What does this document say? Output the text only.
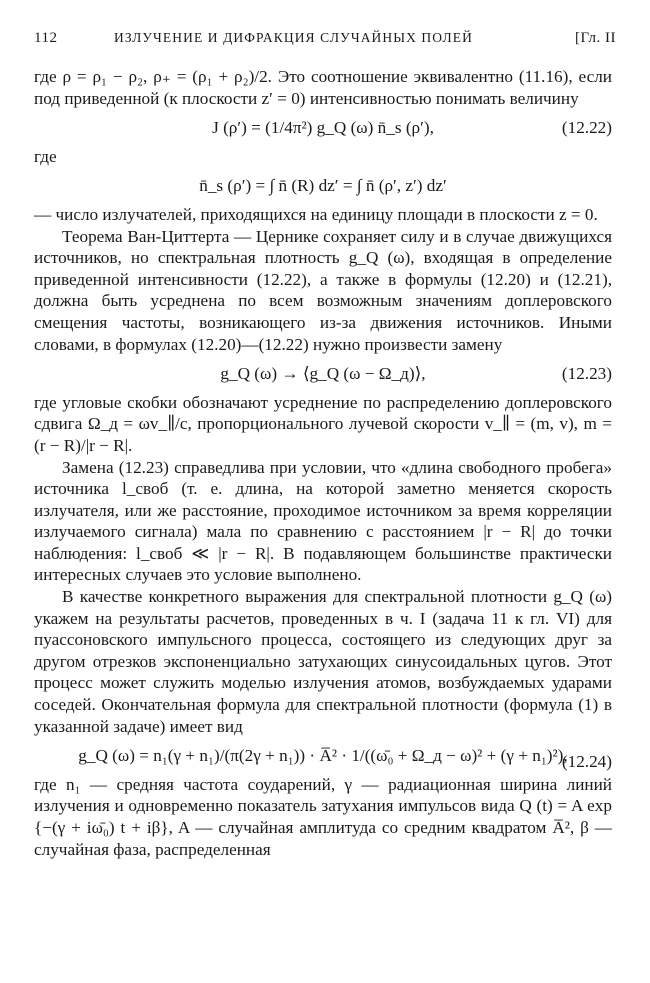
112	ИЗЛУЧЕНИЕ И ДИФРАКЦИЯ СЛУЧАЙНЫХ ПОЛЕЙ	[Гл. II

где ρ = ρ₁ − ρ₂, ρ₊ = (ρ₁ + ρ₂)/2. Это соотношение эквивалентно (11.16), если под приведенной (к плоскости z′ = 0) интенсивностью понимать величину

J (ρ′) = (1/4π²) g_Q (ω) n̄_s (ρ′),	(12.22)

где

n̄_s (ρ′) = ∫ n̄ (R) dz′ = ∫ n̄ (ρ′, z′) dz′

— число излучателей, приходящихся на единицу площади в плоскости z = 0.

Теорема Ван-Циттерта — Цернике сохраняет силу и в случае движущихся источников, но спектральная плотность g_Q (ω), входящая в определение приведенной интенсивности (12.22), а также в формулы (12.20) и (12.21), должна быть усреднена по всем возможным значениям доплеровского смещения частоты, возникающего из-за движения источников. Иными словами, в формулах (12.20)—(12.22) нужно произвести замену

g_Q (ω) → ⟨g_Q (ω − Ω_д)⟩,	(12.23)

где угловые скобки обозначают усреднение по распределению доплеровского сдвига Ω_д = ωv_∥/c, пропорционального лучевой скорости v_∥ = (m, v), m = (r − R)/|r − R|.

Замена (12.23) справедлива при условии, что «длина свободного пробега» источника l_своб (т. е. длина, на которой заметно меняется скорость излучателя, или же расстояние, проходимое источником за время корреляции излучаемого сигнала) мала по сравнению с расстоянием |r − R| до точки наблюдения: l_своб ≪ |r − R|. В подавляющем большинстве практически интересных случаев это условие выполнено.

В качестве конкретного выражения для спектральной плотности g_Q (ω) укажем на результаты расчетов, проведенных в ч. I (задача 11 к гл. VI) для пуассоновского импульсного процесса, состоящего из следующих друг за другом отрезков экспоненциально затухающих синусоидальных цугов. Этот процесс может служить моделью излучения атомов, возбуждаемых ударами соседей. Окончательная формула для спектральной плотности (формула (1) в указанной задаче) имеет вид

g_Q (ω) = n₁(γ + n₁)/(π(2γ + n₁)) · A̅² · 1/((ω̄₀ + Ω_д − ω)² + (γ + n₁)²),
(12.24)

где n₁ — средняя частота соударений, γ — радиационная ширина линий излучения и одновременно показатель затухания импульсов вида Q (t) = A exp {−(γ + iω̄₀) t + iβ}, A — случайная амплитуда со средним квадратом A̅², β — случайная фаза, распределенная
